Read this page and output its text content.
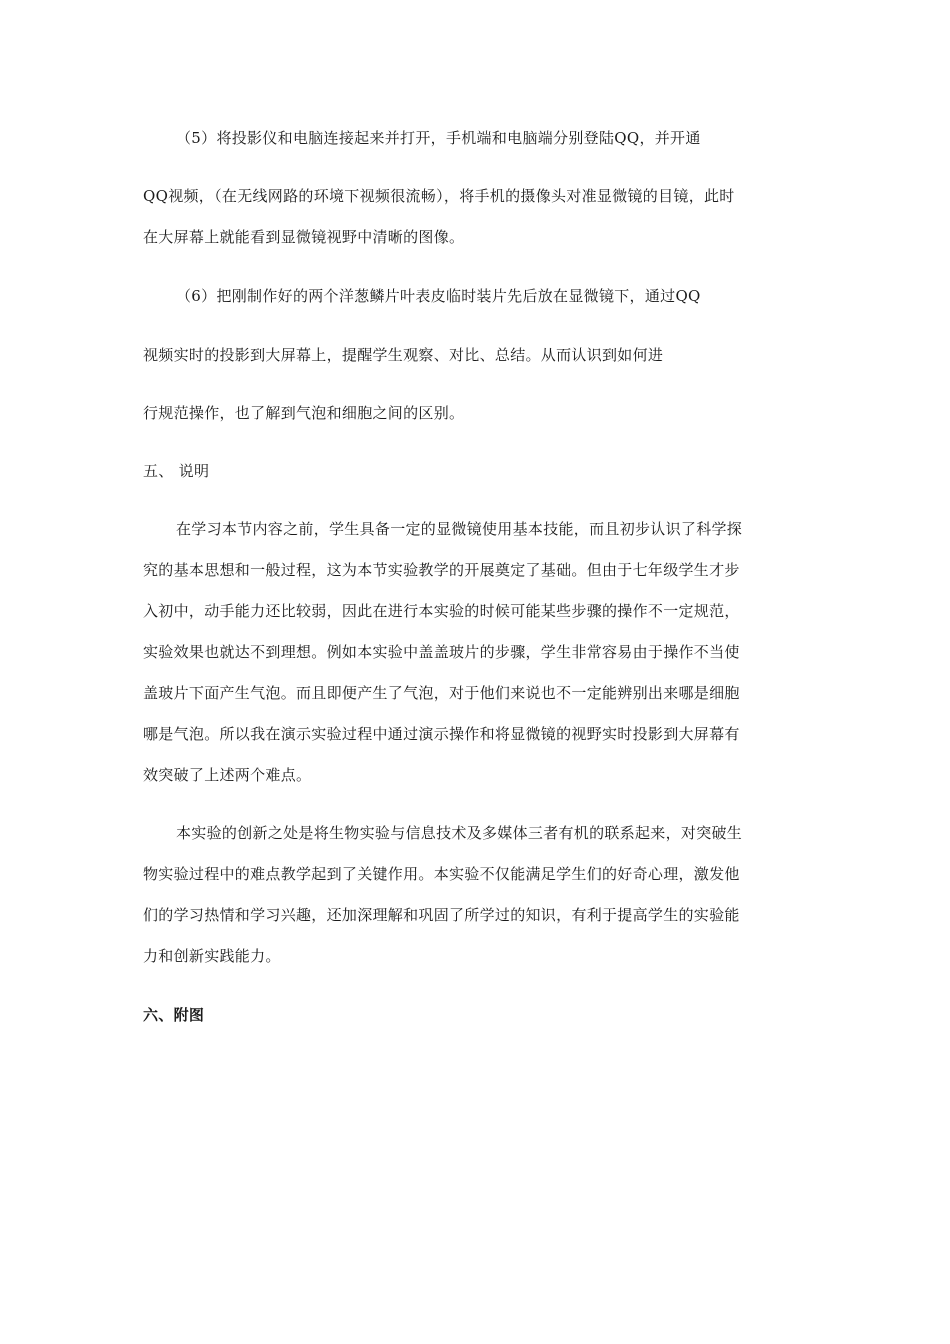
（5）将投影仪和电脑连接起来并打开，手机端和电脑端分别登陆QQ，并开通
QQ视频，（在无线网路的环境下视频很流畅），将手机的摄像头对准显微镜的目镜，此时
在大屏幕上就能看到显微镜视野中清晰的图像。
（6）把刚制作好的两个洋葱鳞片叶表皮临时装片先后放在显微镜下，通过QQ
视频实时的投影到大屏幕上，提醒学生观察、对比、总结。从而认识到如何进
行规范操作，也了解到气泡和细胞之间的区别。
五、 说明
在学习本节内容之前，学生具备一定的显微镜使用基本技能，而且初步认识了科学探
究的基本思想和一般过程，这为本节实验教学的开展奠定了基础。但由于七年级学生才步
入初中，动手能力还比较弱，因此在进行本实验的时候可能某些步骤的操作不一定规范，
实验效果也就达不到理想。例如本实验中盖盖玻片的步骤，学生非常容易由于操作不当使
盖玻片下面产生气泡。而且即便产生了气泡，对于他们来说也不一定能辨别出来哪是细胞
哪是气泡。所以我在演示实验过程中通过演示操作和将显微镜的视野实时投影到大屏幕有
效突破了上述两个难点。
本实验的创新之处是将生物实验与信息技术及多媒体三者有机的联系起来，对突破生
物实验过程中的难点教学起到了关键作用。本实验不仅能满足学生们的好奇心理，激发他
们的学习热情和学习兴趣，还加深理解和巩固了所学过的知识，有利于提高学生的实验能
力和创新实践能力。
六、附图
